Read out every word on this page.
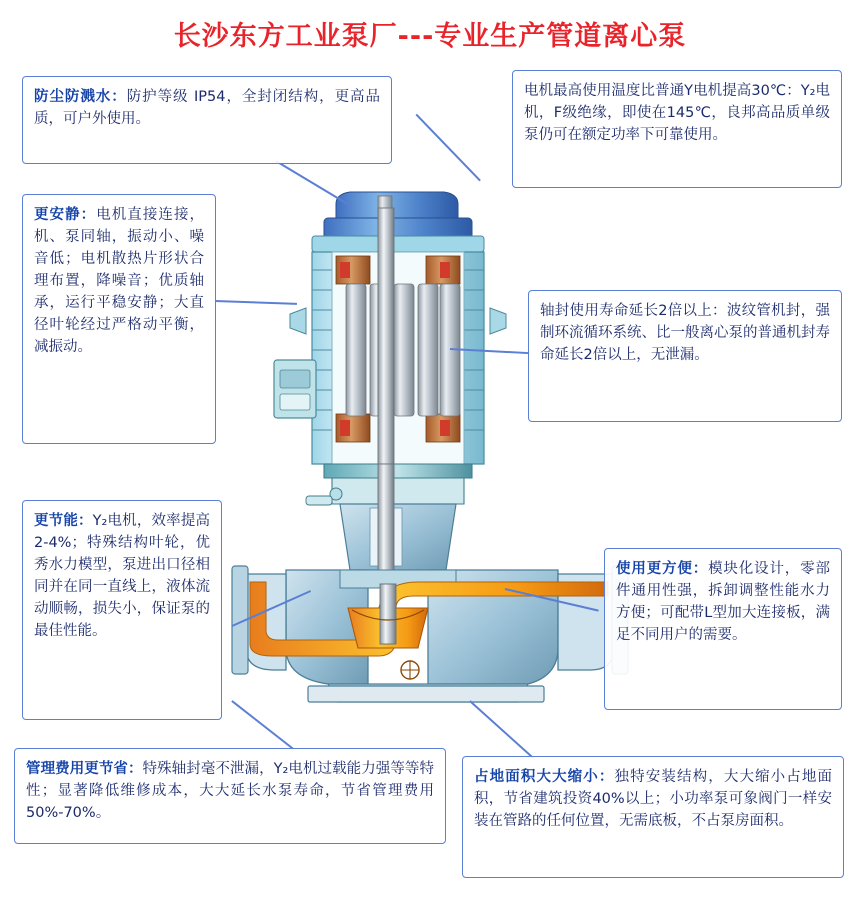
长沙东方工业泵厂---专业生产管道离心泵
防尘防溅水：防护等级 IP54，全封闭结构，更高品质，可户外使用。
电机最高使用温度比普通Y电机提高30℃：Y₂电机，F级绝缘，即使在145℃，良邦高品质单级泵仍可在额定功率下可靠使用。
更安静：电机直接连接，机、泵同轴，振动小、噪音低；电机散热片形状合理布置，降噪音；优质轴承，运行平稳安静；大直径叶轮经过严格动平衡，减振动。
轴封使用寿命延长2倍以上：波纹管机封，强制环流循环系统、比一般离心泵的普通机封寿命延长2倍以上，无泄漏。
更节能：Y₂电机，效率提高2-4%；特殊结构叶轮，优秀水力模型，泵进出口径相同并在同一直线上，液体流动顺畅，损失小，保证泵的最佳性能。
使用更方便：模块化设计，零部件通用性强，拆卸调整性能水力方便；可配带L型加大连接板，满足不同用户的需要。
管理费用更节省：特殊轴封毫不泄漏，Y₂电机过载能力强等等特性；显著降低维修成本，大大延长水泵寿命，节省管理费用50%-70%。
占地面积大大缩小：独特安装结构，大大缩小占地面积，节省建筑投资40%以上；小功率泵可象阀门一样安装在管路的任何位置，无需底板，不占泵房面积。
